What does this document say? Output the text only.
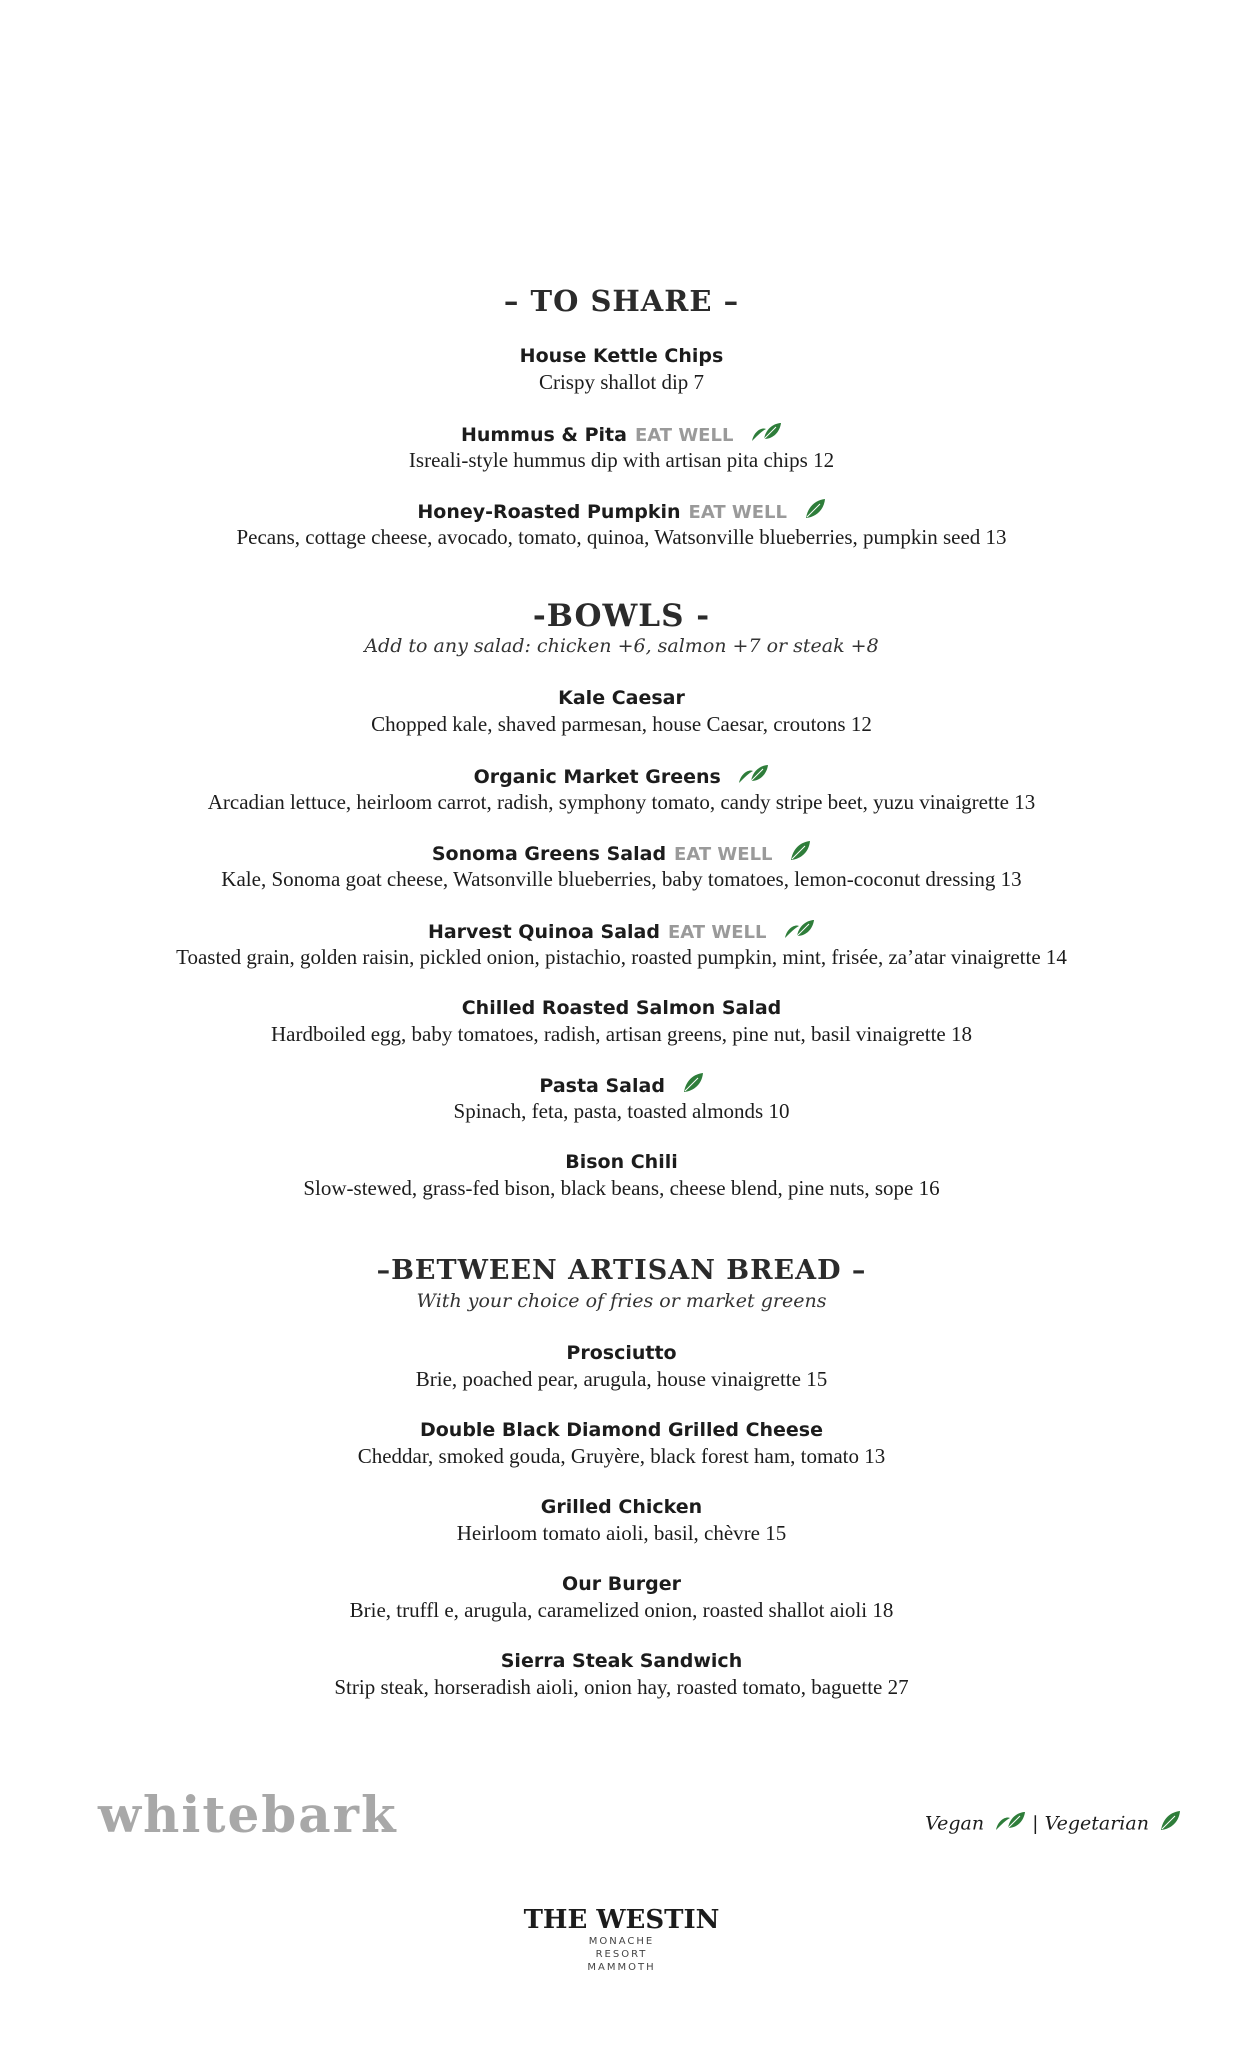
– TO SHARE –
House Kettle Chips
Crispy shallot dip 7
Hummus & Pita EAT WELL
Isreali-style hummus dip with artisan pita chips 12
Honey-Roasted Pumpkin EAT WELL
Pecans, cottage cheese, avocado, tomato, quinoa, Watsonville blueberries, pumpkin seed 13
-BOWLS -
Add to any salad: chicken +6, salmon +7 or steak +8
Kale Caesar
Chopped kale, shaved parmesan, house Caesar, croutons 12
Organic Market Greens
Arcadian lettuce, heirloom carrot, radish, symphony tomato, candy stripe beet, yuzu vinaigrette 13
Sonoma Greens Salad EAT WELL
Kale, Sonoma goat cheese, Watsonville blueberries, baby tomatoes, lemon-coconut dressing 13
Harvest Quinoa Salad EAT WELL
Toasted grain, golden raisin, pickled onion, pistachio, roasted pumpkin, mint, frisée, za’atar vinaigrette 14
Chilled Roasted Salmon Salad
Hardboiled egg, baby tomatoes, radish, artisan greens, pine nut, basil vinaigrette 18
Pasta Salad
Spinach, feta, pasta, toasted almonds 10
Bison Chili
Slow-stewed, grass-fed bison, black beans, cheese blend, pine nuts, sope 16
–BETWEEN ARTISAN BREAD –
With your choice of fries or market greens
Prosciutto
Brie, poached pear, arugula, house vinaigrette 15
Double Black Diamond Grilled Cheese
Cheddar, smoked gouda, Gruyère, black forest ham, tomato 13
Grilled Chicken
Heirloom tomato aioli, basil, chèvre 15
Our Burger
Brie, truffl e, arugula, caramelized onion, roasted shallot aioli 18
Sierra Steak Sandwich
Strip steak, horseradish aioli, onion hay, roasted tomato, baguette 27
whitebark	Vegan	| Vegetarian
THE WESTIN
MONACHE
RESORT
MAMMOTH
